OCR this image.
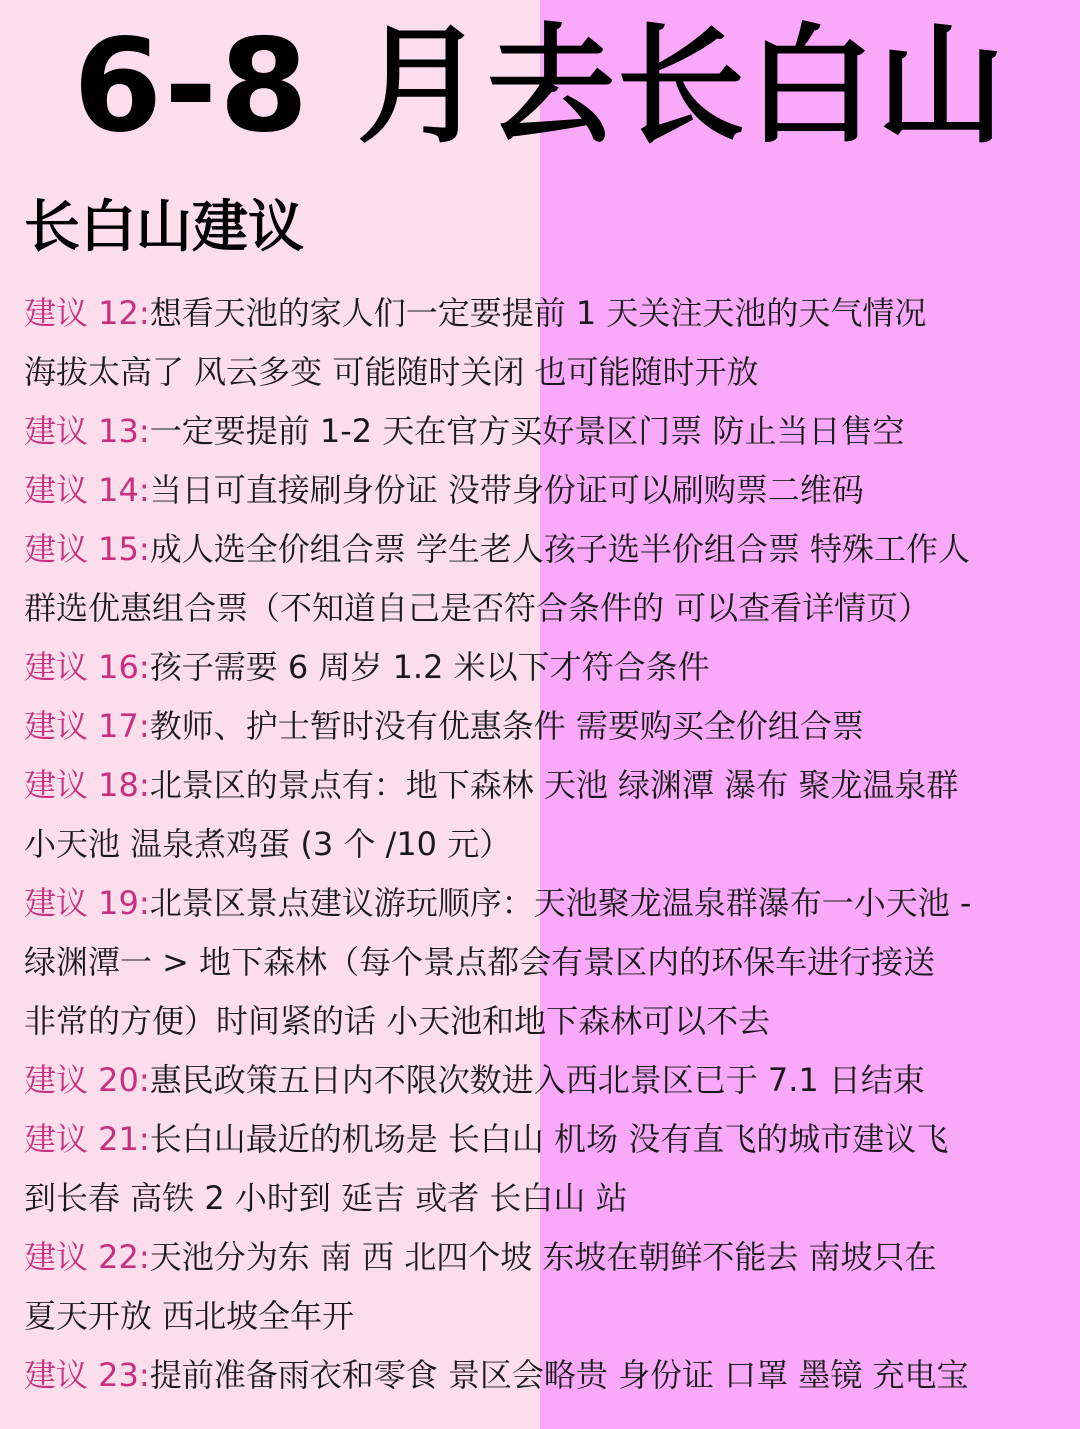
6-8 月去长白山
长白山建议
建议 12:想看天池的家人们一定要提前 1 天关注天池的天气情况
海拔太高了 风云多变 可能随时关闭 也可能随时开放
建议 13:一定要提前 1-2 天在官方买好景区门票 防止当日售空
建议 14:当日可直接刷身份证 没带身份证可以刷购票二维码
建议 15:成人选全价组合票 学生老人孩子选半价组合票 特殊工作人
群选优惠组合票（不知道自己是否符合条件的 可以查看详情页）
建议 16:孩子需要 6 周岁 1.2 米以下才符合条件
建议 17:教师、护士暂时没有优惠条件 需要购买全价组合票
建议 18:北景区的景点有：地下森林 天池 绿渊潭 瀑布 聚龙温泉群
小天池 温泉煮鸡蛋 (3 个 /10 元）
建议 19:北景区景点建议游玩顺序：天池聚龙温泉群瀑布一小天池 -
绿渊潭一 > 地下森林（每个景点都会有景区内的环保车进行接送
非常的方便）时间紧的话 小天池和地下森林可以不去
建议 20:惠民政策五日内不限次数进入西北景区已于 7.1 日结束
建议 21:长白山最近的机场是 长白山 机场 没有直飞的城市建议飞
到长春 高铁 2 小时到 延吉 或者 长白山 站
建议 22:天池分为东 南 西 北四个坡 东坡在朝鲜不能去 南坡只在
夏天开放 西北坡全年开
建议 23:提前准备雨衣和零食 景区会略贵 身份证 口罩 墨镜 充电宝
